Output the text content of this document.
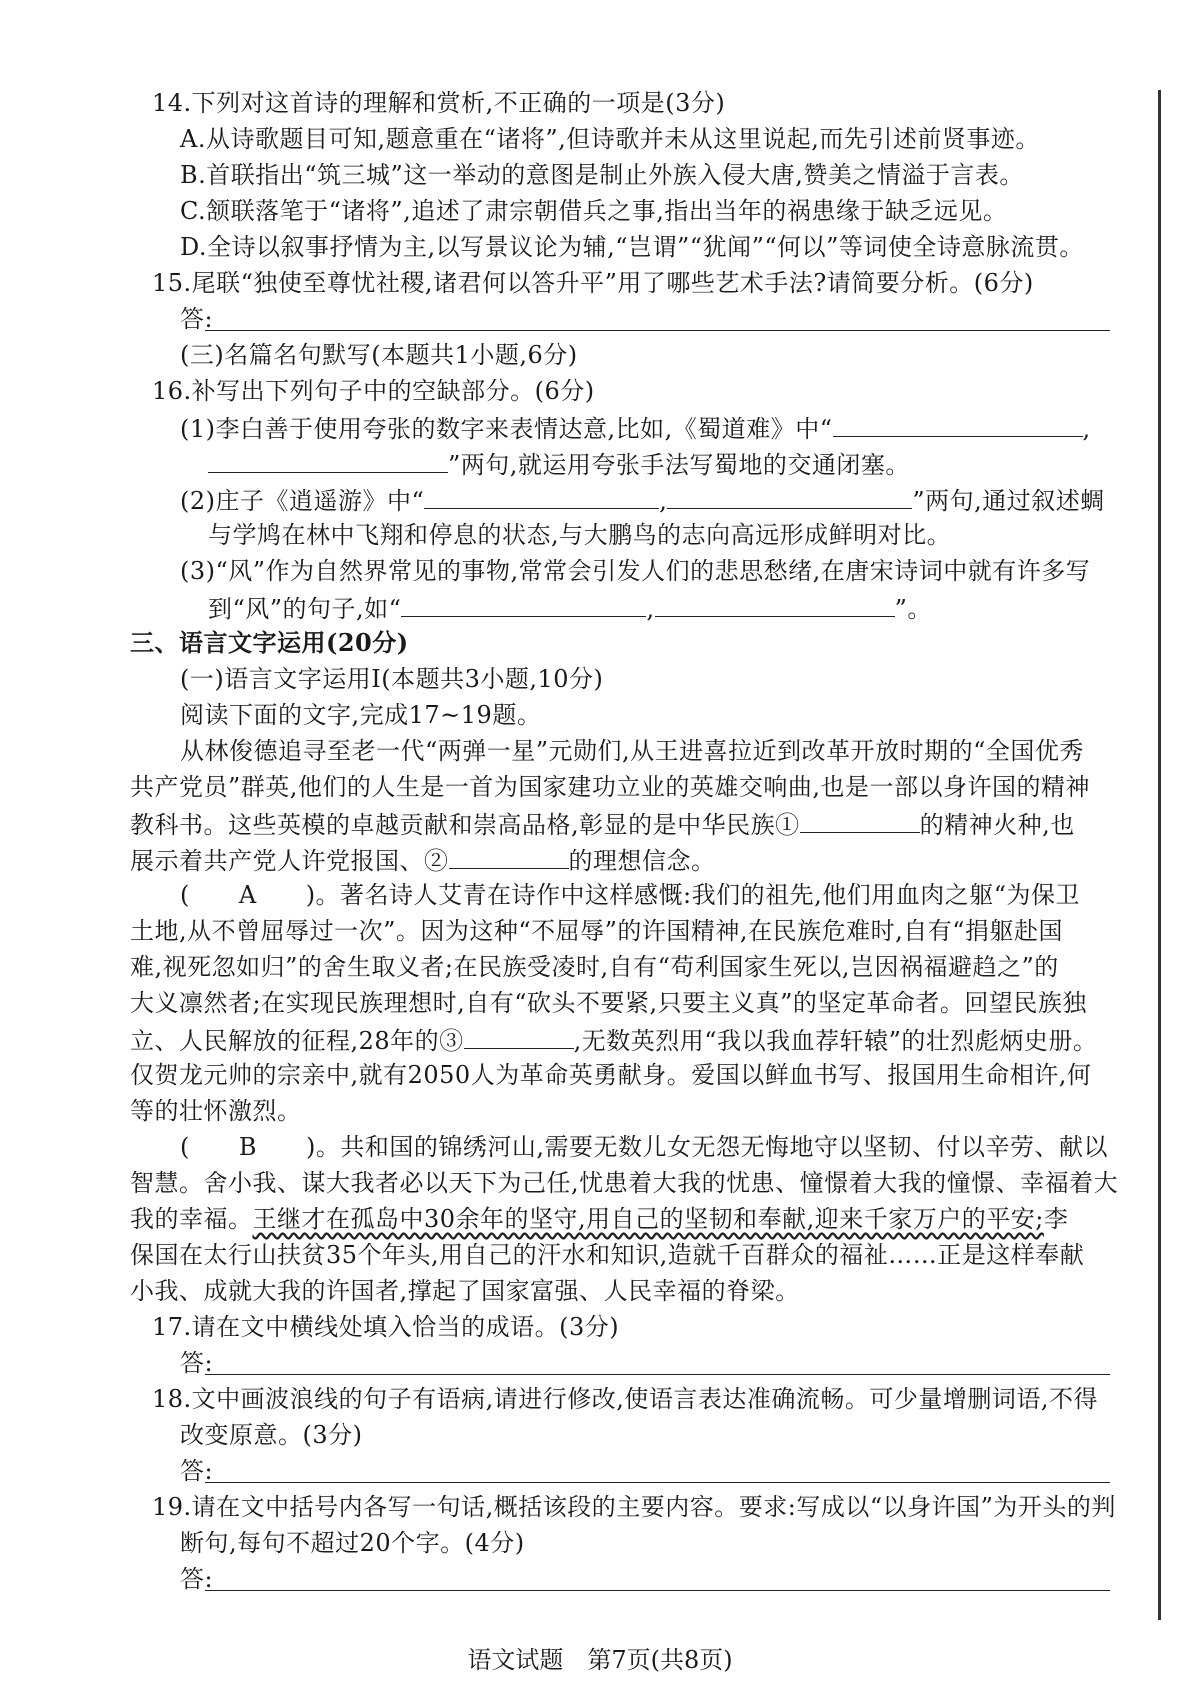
14.下列对这首诗的理解和赏析,不正确的一项是(3分)
A.从诗歌题目可知,题意重在“诸将”,但诗歌并未从这里说起,而先引述前贤事迹。
B.首联指出“筑三城”这一举动的意图是制止外族入侵大唐,赞美之情溢于言表。
C.颔联落笔于“诸将”,追述了肃宗朝借兵之事,指出当年的祸患缘于缺乏远见。
D.全诗以叙事抒情为主,以写景议论为辅,“岂谓”“犹闻”“何以”等词使全诗意脉流贯。
15.尾联“独使至尊忧社稷,诸君何以答升平”用了哪些艺术手法?请简要分析。(6分)
答:
(三)名篇名句默写(本题共1小题,6分)
16.补写出下列句子中的空缺部分。(6分)
(1)李白善于使用夸张的数字来表情达意,比如,《蜀道难》中“	,
”两句,就运用夸张手法写蜀地的交通闭塞。
(2)庄子《逍遥游》中“	,	”两句,通过叙述蜩
与学鸠在林中飞翔和停息的状态,与大鹏鸟的志向高远形成鲜明对比。
(3)“风”作为自然界常见的事物,常常会引发人们的悲思愁绪,在唐宋诗词中就有许多写
到“风”的句子,如“	,	”。
三、语言文字运用(20分)
(一)语言文字运用Ⅰ(本题共3小题,10分)
阅读下面的文字,完成17~19题。
从林俊德追寻至老一代“两弹一星”元勋们,从王进喜拉近到改革开放时期的“全国优秀
共产党员”群英,他们的人生是一首为国家建功立业的英雄交响曲,也是一部以身许国的精神
教科书。这些英模的卓越贡献和崇高品格,彰显的是中华民族①	的精神火种,也
展示着共产党人许党报国、②	的理想信念。
(　　A　　)。著名诗人艾青在诗作中这样感慨:我们的祖先,他们用血肉之躯“为保卫
土地,从不曾屈辱过一次”。因为这种“不屈辱”的许国精神,在民族危难时,自有“捐躯赴国
难,视死忽如归”的舍生取义者;在民族受凌时,自有“苟利国家生死以,岂因祸福避趋之”的
大义凛然者;在实现民族理想时,自有“砍头不要紧,只要主义真”的坚定革命者。回望民族独
立、人民解放的征程,28年的③	,无数英烈用“我以我血荐轩辕”的壮烈彪炳史册。
仅贺龙元帅的宗亲中,就有2050人为革命英勇献身。爱国以鲜血书写、报国用生命相许,何
等的壮怀激烈。
(　　B　　)。共和国的锦绣河山,需要无数儿女无怨无悔地守以坚韧、付以辛劳、献以
智慧。舍小我、谋大我者必以天下为己任,忧患着大我的忧患、憧憬着大我的憧憬、幸福着大
我的幸福。王继才在孤岛中30余年的坚守,用自己的坚韧和奉献,迎来千家万户的平安;李
保国在太行山扶贫35个年头,用自己的汗水和知识,造就千百群众的福祉……正是这样奉献
小我、成就大我的许国者,撑起了国家富强、人民幸福的脊梁。
17.请在文中横线处填入恰当的成语。(3分)
答:
18.文中画波浪线的句子有语病,请进行修改,使语言表达准确流畅。可少量增删词语,不得
改变原意。(3分)
答:
19.请在文中括号内各写一句话,概括该段的主要内容。要求:写成以“以身许国”为开头的判
断句,每句不超过20个字。(4分)
答:
语文试题 第7页(共8页)
